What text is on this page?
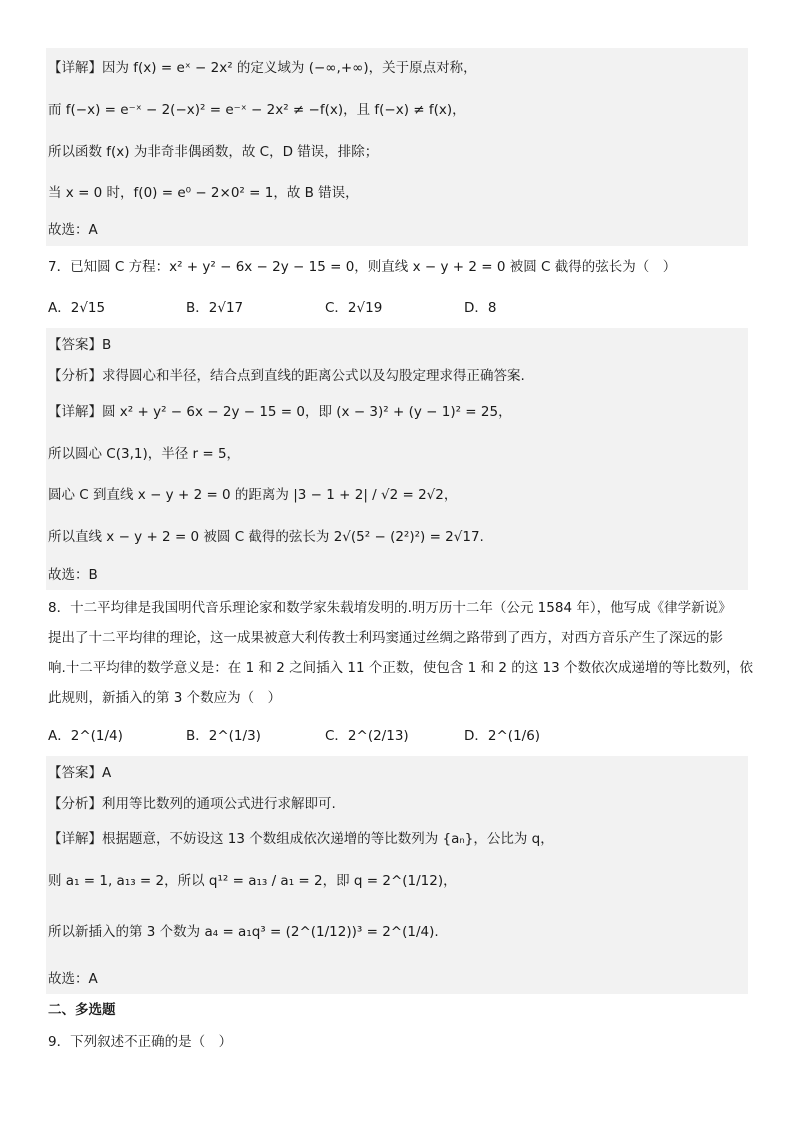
【详解】因为 f(x) = eˣ − 2x² 的定义域为 (−∞,+∞)，关于原点对称，
而 f(−x) = e⁻ˣ − 2(−x)² = e⁻ˣ − 2x² ≠ −f(x)，且 f(−x) ≠ f(x)，
所以函数 f(x) 为非奇非偶函数，故 C，D 错误，排除；
当 x = 0 时，f(0) = e⁰ − 2×0² = 1，故 B 错误，
故选：A
7．已知圆 C 方程：x² + y² − 6x − 2y − 15 = 0，则直线 x − y + 2 = 0 被圆 C 截得的弦长为（　）
A．2√15	B．2√17	C．2√19	D．8
【答案】B
【分析】求得圆心和半径，结合点到直线的距离公式以及勾股定理求得正确答案.
【详解】圆 x² + y² − 6x − 2y − 15 = 0，即 (x − 3)² + (y − 1)² = 25，
所以圆心 C(3,1)，半径 r = 5，
圆心 C 到直线 x − y + 2 = 0 的距离为 |3 − 1 + 2| / √2 = 2√2，
所以直线 x − y + 2 = 0 被圆 C 截得的弦长为 2√(5² − (2²)²) = 2√17.
故选：B
8．十二平均律是我国明代音乐理论家和数学家朱载堉发明的.明万历十二年（公元 1584 年），他写成《律学新说》
提出了十二平均律的理论，这一成果被意大利传教士利玛窦通过丝绸之路带到了西方，对西方音乐产生了深远的影
响.十二平均律的数学意义是：在 1 和 2 之间插入 11 个正数，使包含 1 和 2 的这 13 个数依次成递增的等比数列，依
此规则，新插入的第 3 个数应为（　）
A．2^(1/4)	B．2^(1/3)	C．2^(2/13)	D．2^(1/6)
【答案】A
【分析】利用等比数列的通项公式进行求解即可.
【详解】根据题意，不妨设这 13 个数组成依次递增的等比数列为 {aₙ}，公比为 q，
则 a₁ = 1, a₁₃ = 2，所以 q¹² = a₁₃ / a₁ = 2，即 q = 2^(1/12)，
所以新插入的第 3 个数为 a₄ = a₁q³ = (2^(1/12))³ = 2^(1/4).
故选：A
二、多选题
9．下列叙述不正确的是（　）
